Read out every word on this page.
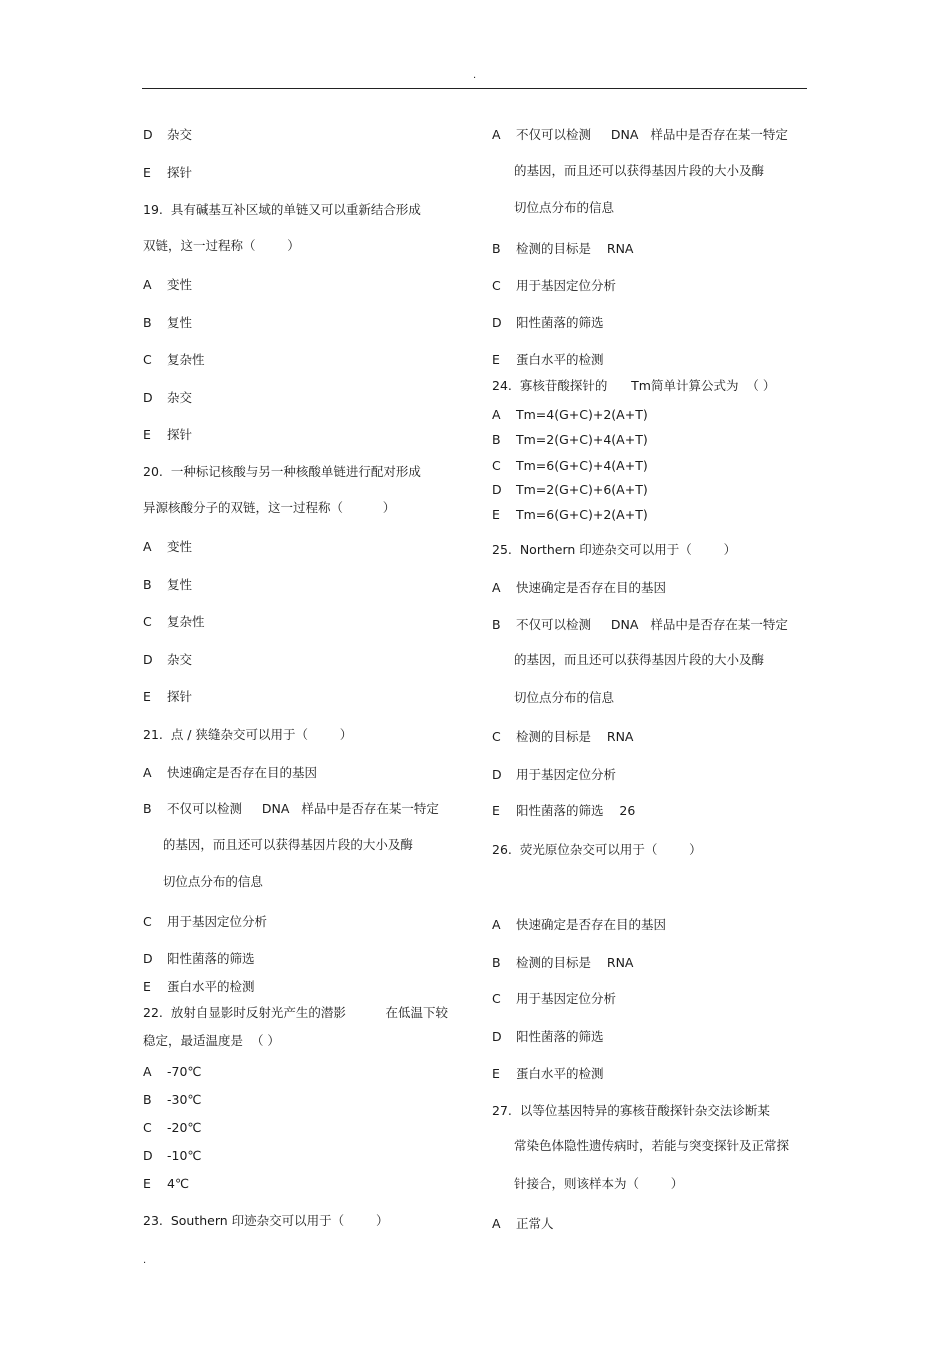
.
D 杂交
E 探针
19.  具有碱基互补区域的单链又可以重新结合形成
双链，这一过程称（        ）
A 变性
B 复性
C 复杂性
D 杂交
E 探针
20.  一种标记核酸与另一种核酸单链进行配对形成
异源核酸分子的双链，这一过程称（          ）
A 变性
B 复性
C 复杂性
D 杂交
E 探针
21.  点 / 狭缝杂交可以用于（        ）
A 快速确定是否存在目的基因
B 不仅可以检测     DNA   样品中是否存在某一特定
的基因，而且还可以获得基因片段的大小及酶
切位点分布的信息
C 用于基因定位分析
D 阳性菌落的筛选
E 蛋白水平的检测
22.  放射自显影时反射光产生的潜影          在低温下较
稳定，最适温度是  （ ）
A -70℃
B -30℃
C -20℃
D -10℃
E 4℃
23.  Southern 印迹杂交可以用于（        ）
A 不仅可以检测     DNA   样品中是否存在某一特定
的基因，而且还可以获得基因片段的大小及酶
切位点分布的信息
B 检测的目标是    RNA
C 用于基因定位分析
D 阳性菌落的筛选
E 蛋白水平的检测
24.  寡核苷酸探针的      Tm简单计算公式为  （ ）
A Tm=4(G+C)+2(A+T)
B Tm=2(G+C)+4(A+T)
C Tm=6(G+C)+4(A+T)
D Tm=2(G+C)+6(A+T)
E Tm=6(G+C)+2(A+T)
25.  Northern 印迹杂交可以用于（        ）
A 快速确定是否存在目的基因
B 不仅可以检测     DNA   样品中是否存在某一特定
的基因，而且还可以获得基因片段的大小及酶
切位点分布的信息
C 检测的目标是    RNA
D 用于基因定位分析
E 阳性菌落的筛选    26
26.  荧光原位杂交可以用于（        ）
A 快速确定是否存在目的基因
B 检测的目标是    RNA
C 用于基因定位分析
D 阳性菌落的筛选
E 蛋白水平的检测
27.  以等位基因特异的寡核苷酸探针杂交法诊断某
常染色体隐性遗传病时，若能与突变探针及正常探
针接合，则该样本为（        ）
A 正常人
.
